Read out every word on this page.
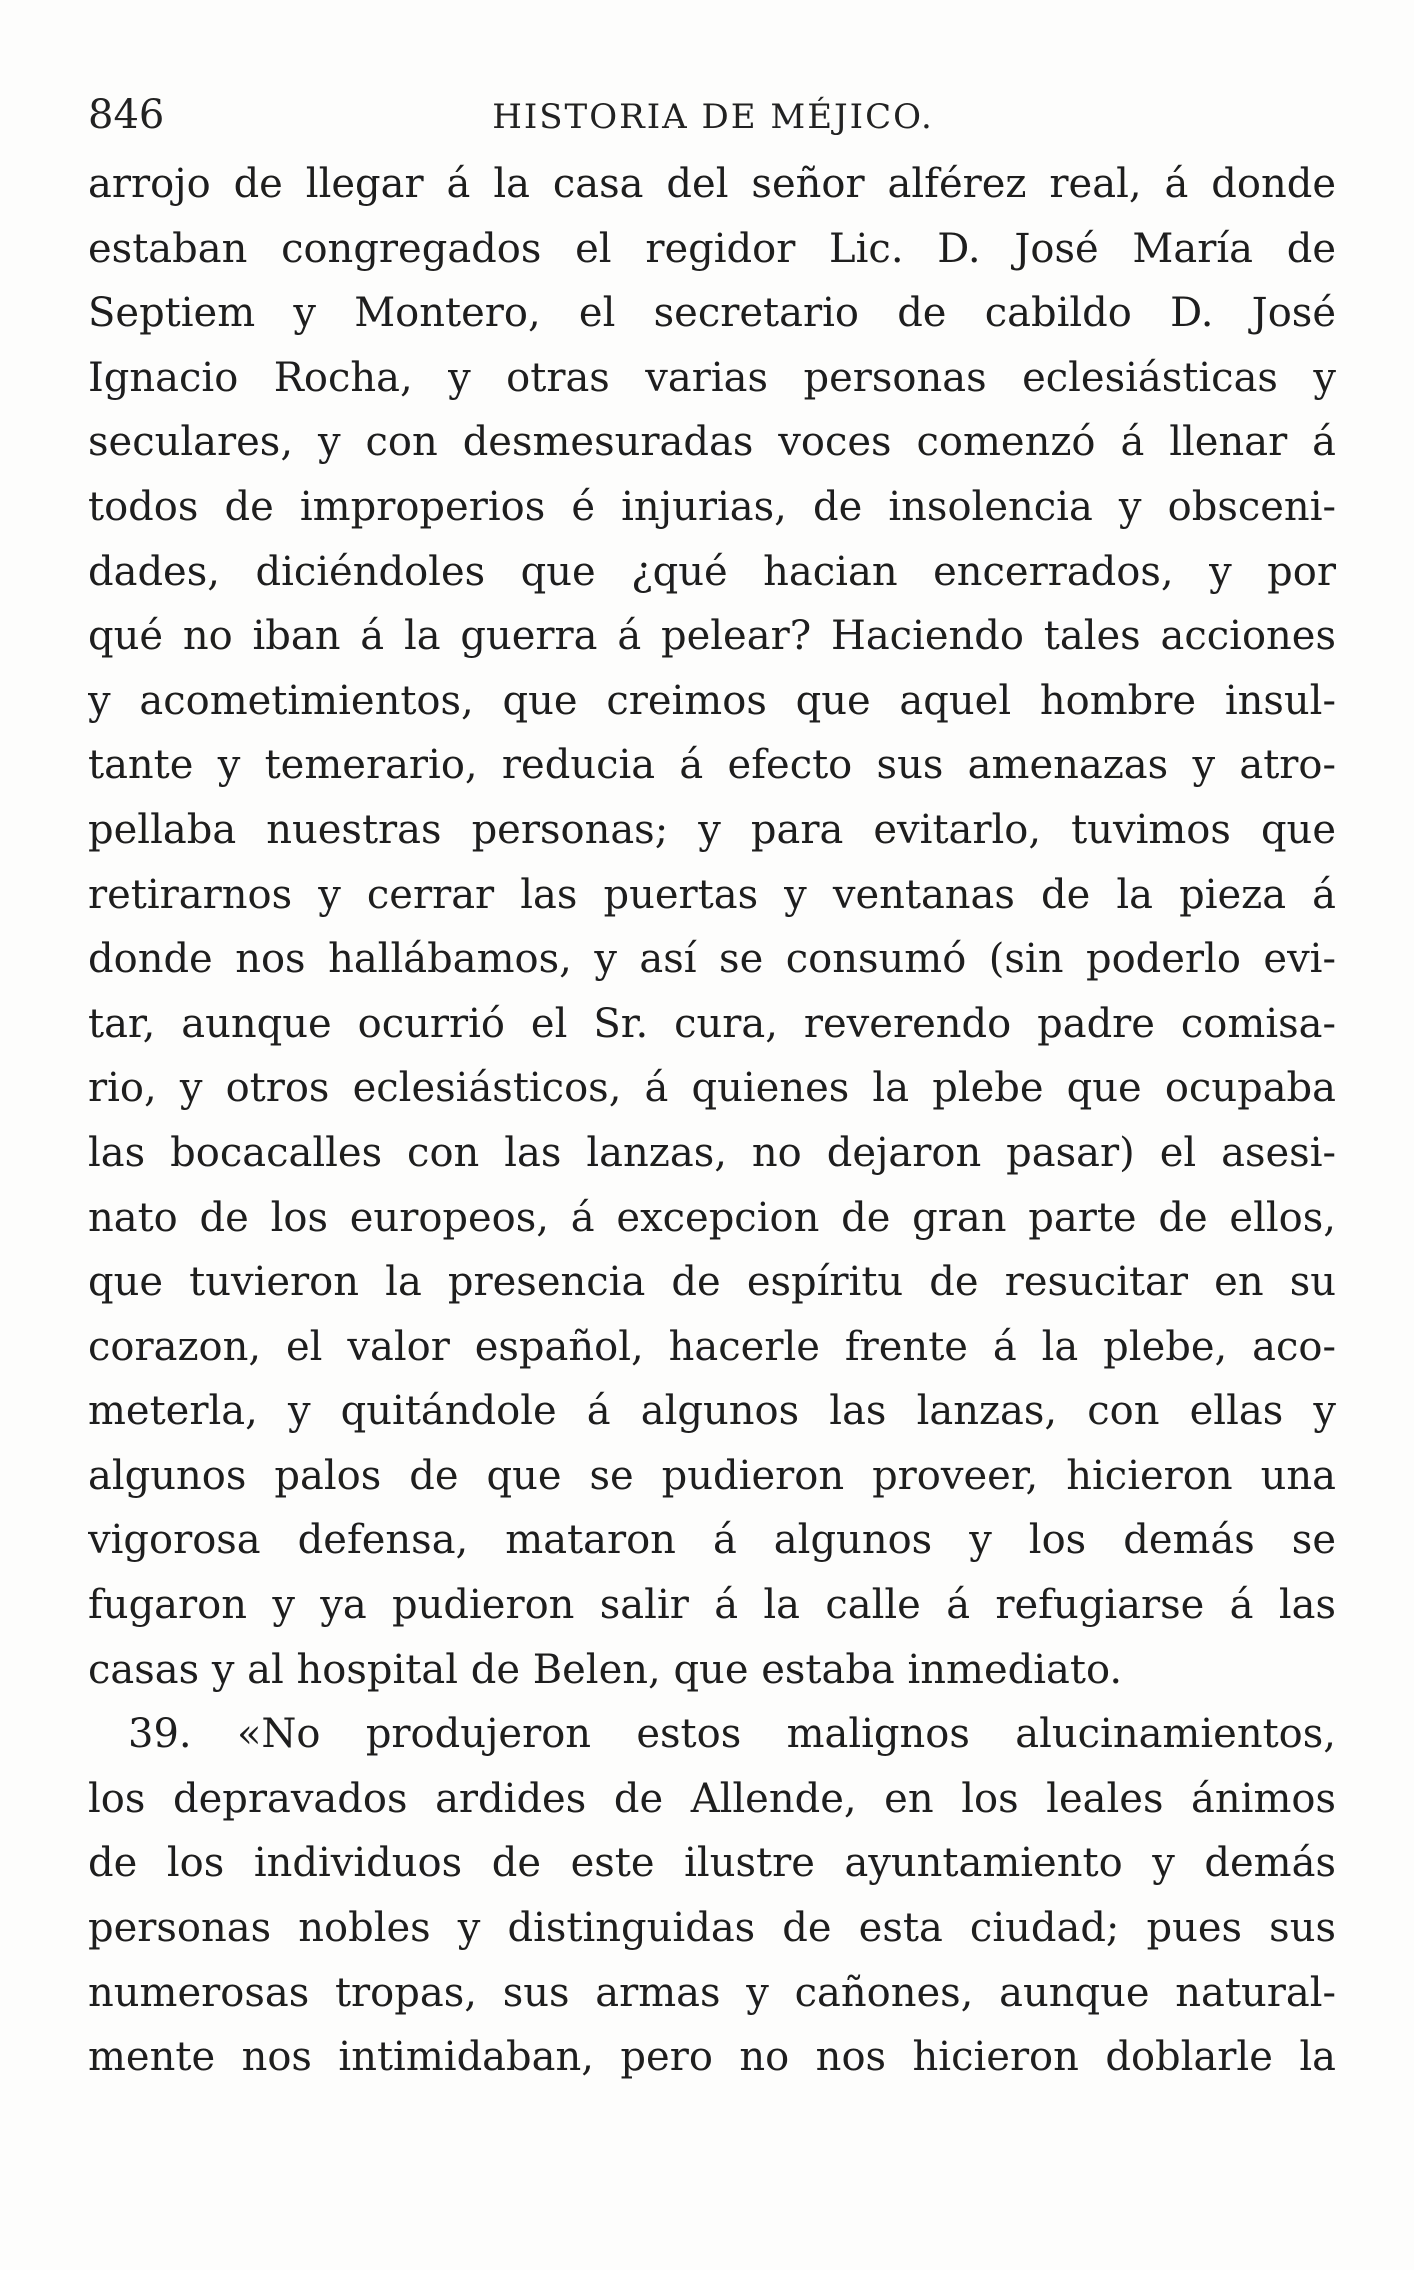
846	HISTORIA DE MÉJICO.
arrojo de llegar á la casa del señor alférez real, á donde
estaban congregados el regidor Lic. D. José María de
Septiem y Montero, el secretario de cabildo D. José
Ignacio Rocha, y otras varias personas eclesiásticas y
seculares, y con desmesuradas voces comenzó á llenar á
todos de improperios é injurias, de insolencia y obsceni-
dades, diciéndoles que ¿qué hacian encerrados, y por
qué no iban á la guerra á pelear? Haciendo tales acciones
y acometimientos, que creimos que aquel hombre insul-
tante y temerario, reducia á efecto sus amenazas y atro-
pellaba nuestras personas; y para evitarlo, tuvimos que
retirarnos y cerrar las puertas y ventanas de la pieza á
donde nos hallábamos, y así se consumó (sin poderlo evi-
tar, aunque ocurrió el Sr. cura, reverendo padre comisa-
rio, y otros eclesiásticos, á quienes la plebe que ocupaba
las bocacalles con las lanzas, no dejaron pasar) el asesi-
nato de los europeos, á excepcion de gran parte de ellos,
que tuvieron la presencia de espíritu de resucitar en su
corazon, el valor español, hacerle frente á la plebe, aco-
meterla, y quitándole á algunos las lanzas, con ellas y
algunos palos de que se pudieron proveer, hicieron una
vigorosa defensa, mataron á algunos y los demás se
fugaron y ya pudieron salir á la calle á refugiarse á las
casas y al hospital de Belen, que estaba inmediato.
39. «No produjeron estos malignos alucinamientos,
los depravados ardides de Allende, en los leales ánimos
de los individuos de este ilustre ayuntamiento y demás
personas nobles y distinguidas de esta ciudad; pues sus
numerosas tropas, sus armas y cañones, aunque natural-
mente nos intimidaban, pero no nos hicieron doblarle la
